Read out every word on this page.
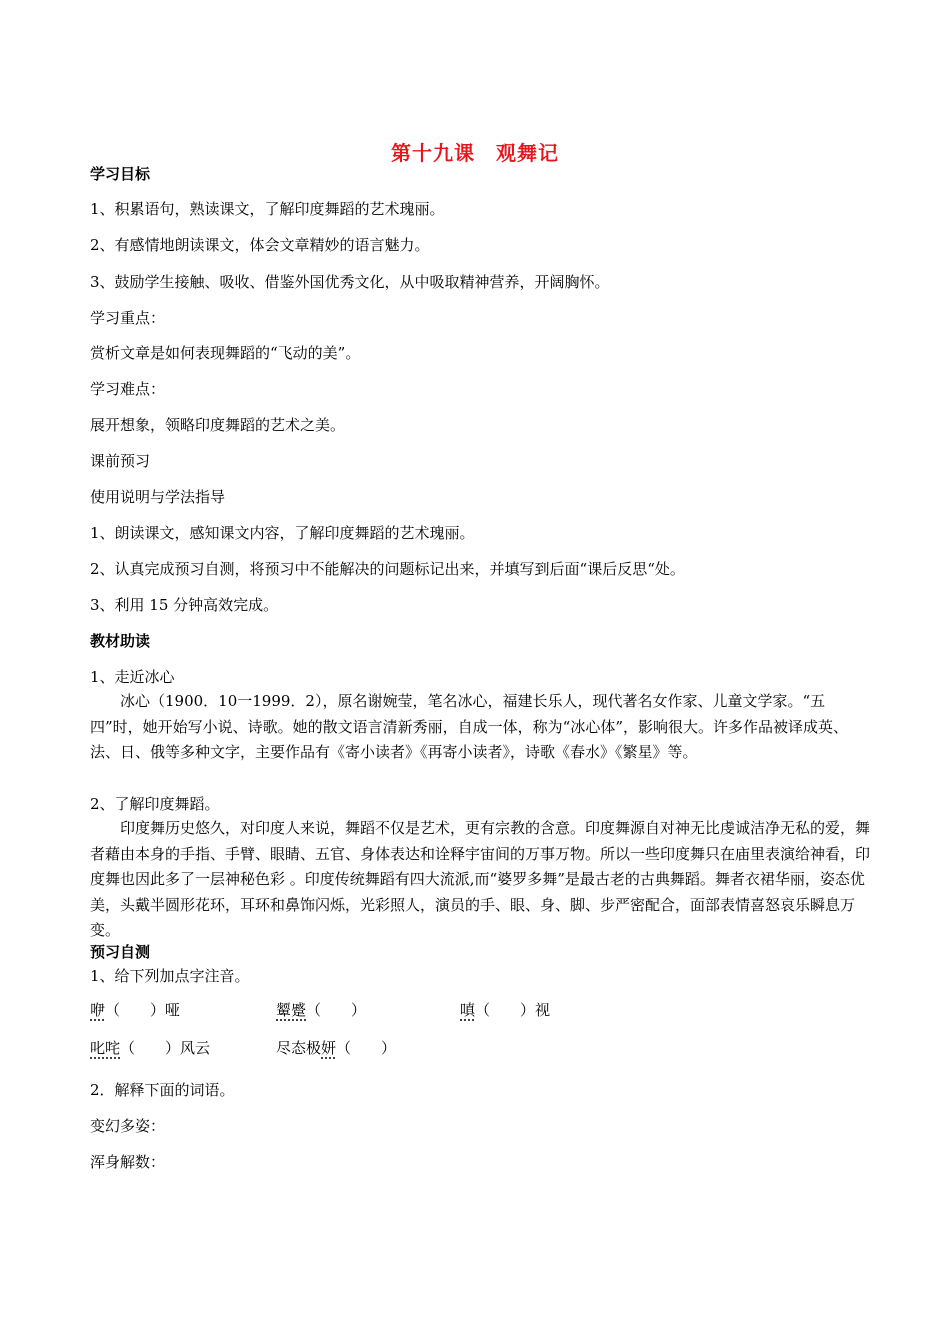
第十九课　观舞记
学习目标
1、积累语句，熟读课文，了解印度舞蹈的艺术瑰丽。
2、有感情地朗读课文，体会文章精妙的语言魅力。
3、鼓励学生接触、吸收、借鉴外国优秀文化，从中吸取精神营养，开阔胸怀。
学习重点：
赏析文章是如何表现舞蹈的“飞动的美”。
学习难点：
展开想象，领略印度舞蹈的艺术之美。
课前预习
使用说明与学法指导
1、朗读课文，感知课文内容，了解印度舞蹈的艺术瑰丽。
2、认真完成预习自测，将预习中不能解决的问题标记出来，并填写到后面“课后反思“处。
3、利用 15 分钟高效完成。
教材助读
1、走近冰心
冰心（1900．10一1999．2），原名谢婉莹，笔名冰心，福建长乐人，现代著名女作家、儿童文学家。“五四”时，她开始写小说、诗歌。她的散文语言清新秀丽，自成一体，称为“冰心体”，影响很大。许多作品被译成英、法、日、俄等多种文字，主要作品有《寄小读者》《再寄小读者》，诗歌《春水》《繁星》等。
2、了解印度舞蹈。
印度舞历史悠久，对印度人来说，舞蹈不仅是艺术，更有宗教的含意。印度舞源自对神无比虔诚洁净无私的爱，舞者藉由本身的手指、手臂、眼睛、五官、身体表达和诠释宇宙间的万事万物。所以一些印度舞只在庙里表演给神看，印度舞也因此多了一层神秘色彩 。印度传统舞蹈有四大流派,而“婆罗多舞”是最古老的古典舞蹈。舞者衣裙华丽，姿态优美，头戴半圆形花环，耳环和鼻饰闪烁，光彩照人，演员的手、眼、身、脚、步严密配合，面部表情喜怒哀乐瞬息万变。
预习自测
1、给下列加点字注音。
咿（　　）哑	颦蹙（　　）	嗔（　　）视
叱咤（　　）风云	尽态极妍（　　）
2．解释下面的词语。
变幻多姿：
浑身解数：
